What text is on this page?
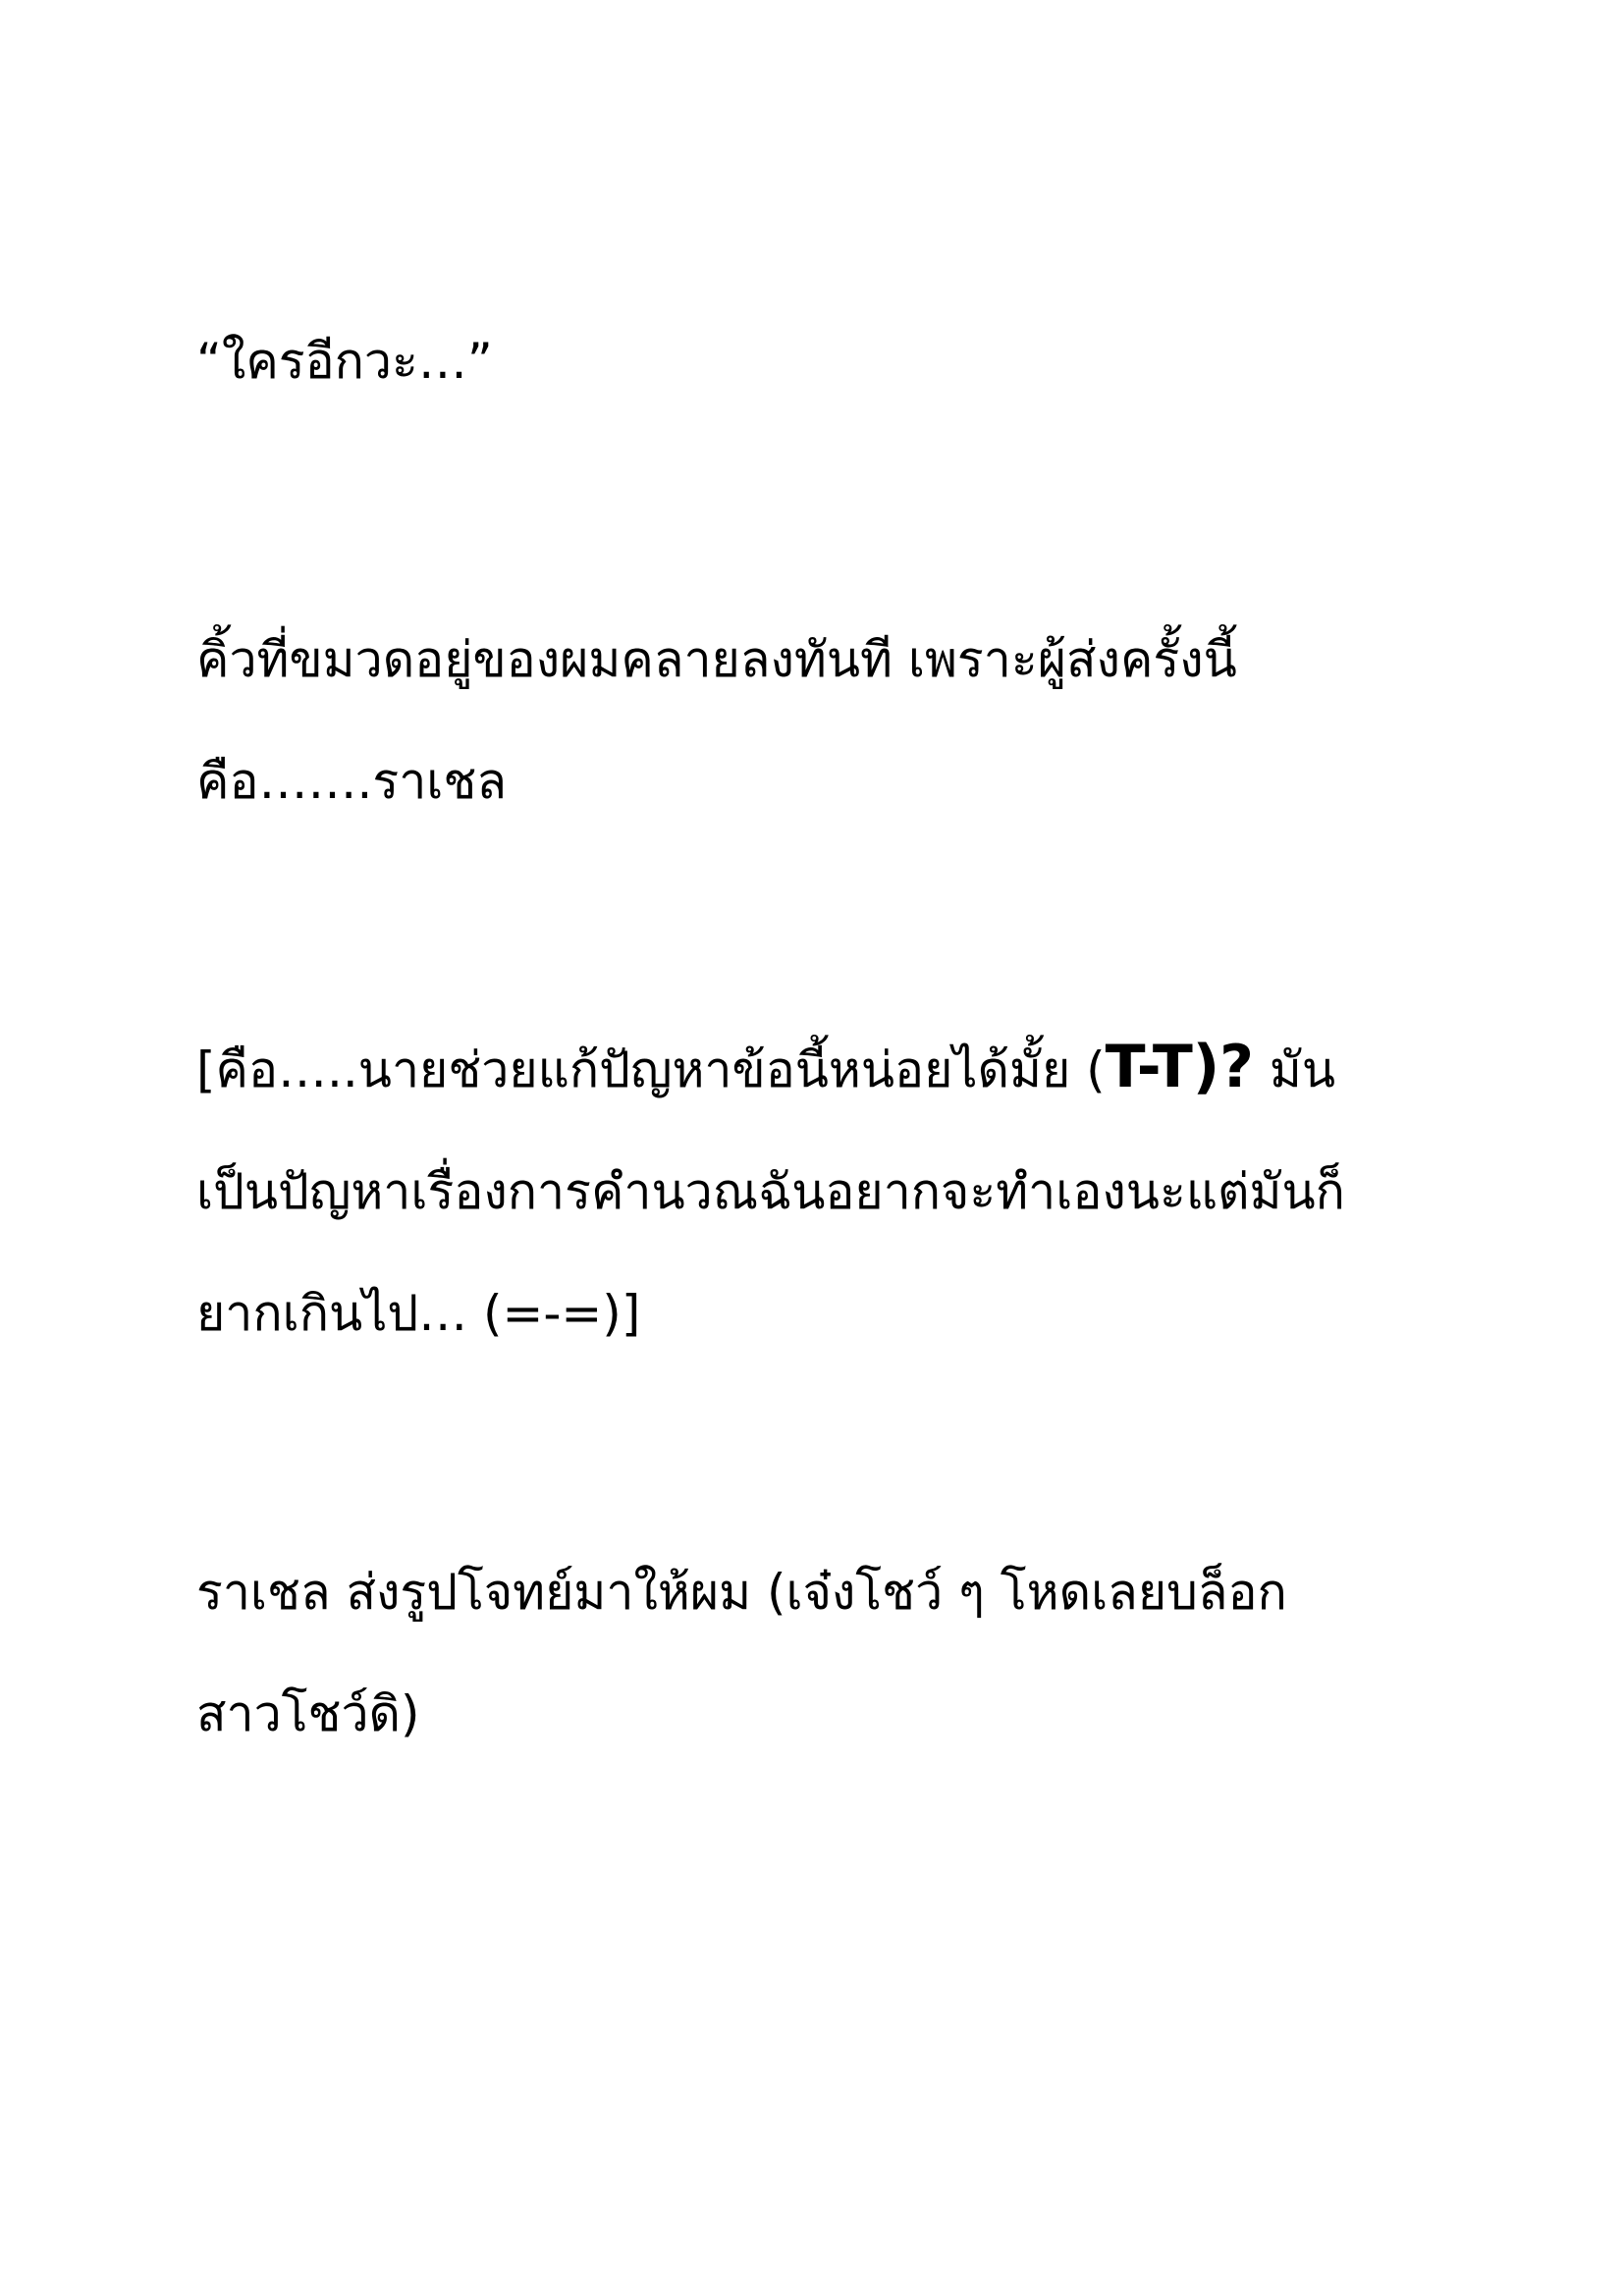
“ใครอีกวะ…”

คิ้วที่ขมวดอยู่ของผมคลายลงทันที เพราะผู้ส่งครั้งนี้
คือ…….ราเชล

[คือ…..นายช่วยแก้ปัญหาข้อนี้หน่อยได้มั้ย (T-T)? มัน
เป็นปัญหาเรื่องการคำนวณฉันอยากจะทำเองนะแต่มันก็
ยากเกินไป… (=-=)]

ราเชล ส่งรูปโจทย์มาให้ผม (เจ๋งโชว์ ๆ โหดเลยบล็อก
สาวโชว์ดิ)
